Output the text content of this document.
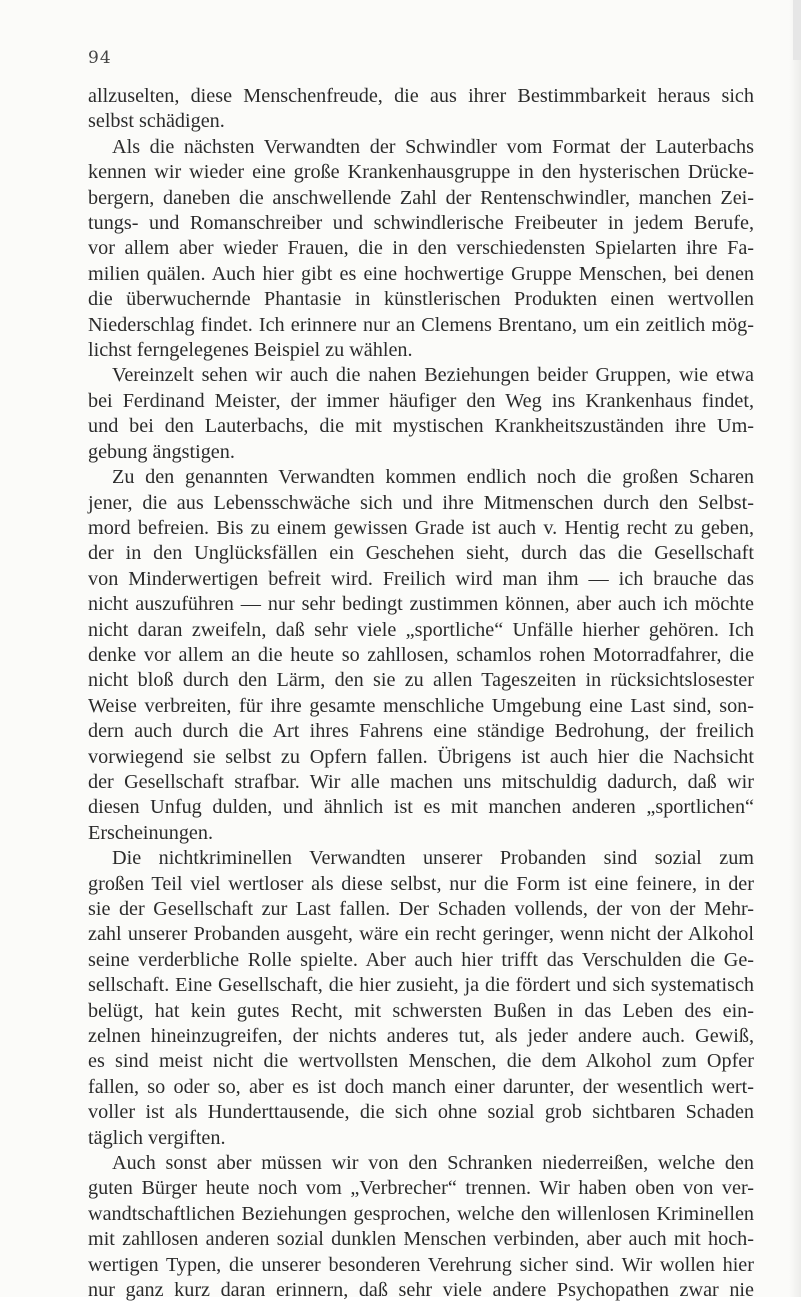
94
allzuselten, diese Menschenfreude, die aus ihrer Bestimmbarkeit heraus sich
selbst schädigen.
Als die nächsten Verwandten der Schwindler vom Format der Lauterbachs
kennen wir wieder eine große Krankenhausgruppe in den hysterischen Drücke-
bergern, daneben die anschwellende Zahl der Rentenschwindler, manchen Zei-
tungs- und Romanschreiber und schwindlerische Freibeuter in jedem Berufe,
vor allem aber wieder Frauen, die in den verschiedensten Spielarten ihre Fa-
milien quälen. Auch hier gibt es eine hochwertige Gruppe Menschen, bei denen
die überwuchernde Phantasie in künstlerischen Produkten einen wertvollen
Niederschlag findet. Ich erinnere nur an Clemens Brentano, um ein zeitlich mög-
lichst ferngelegenes Beispiel zu wählen.
Vereinzelt sehen wir auch die nahen Beziehungen beider Gruppen, wie etwa
bei Ferdinand Meister, der immer häufiger den Weg ins Krankenhaus findet,
und bei den Lauterbachs, die mit mystischen Krankheitszuständen ihre Um-
gebung ängstigen.
Zu den genannten Verwandten kommen endlich noch die großen Scharen
jener, die aus Lebensschwäche sich und ihre Mitmenschen durch den Selbst-
mord befreien. Bis zu einem gewissen Grade ist auch v. Hentig recht zu geben,
der in den Unglücksfällen ein Geschehen sieht, durch das die Gesellschaft
von Minderwertigen befreit wird. Freilich wird man ihm — ich brauche das
nicht auszuführen — nur sehr bedingt zustimmen können, aber auch ich möchte
nicht daran zweifeln, daß sehr viele „sportliche“ Unfälle hierher gehören. Ich
denke vor allem an die heute so zahllosen, schamlos rohen Motorradfahrer, die
nicht bloß durch den Lärm, den sie zu allen Tageszeiten in rücksichtslosester
Weise verbreiten, für ihre gesamte menschliche Umgebung eine Last sind, son-
dern auch durch die Art ihres Fahrens eine ständige Bedrohung, der freilich
vorwiegend sie selbst zu Opfern fallen. Übrigens ist auch hier die Nachsicht
der Gesellschaft strafbar. Wir alle machen uns mitschuldig dadurch, daß wir
diesen Unfug dulden, und ähnlich ist es mit manchen anderen „sportlichen“
Erscheinungen.
Die nichtkriminellen Verwandten unserer Probanden sind sozial zum
großen Teil viel wertloser als diese selbst, nur die Form ist eine feinere, in der
sie der Gesellschaft zur Last fallen. Der Schaden vollends, der von der Mehr-
zahl unserer Probanden ausgeht, wäre ein recht geringer, wenn nicht der Alkohol
seine verderbliche Rolle spielte. Aber auch hier trifft das Verschulden die Ge-
sellschaft. Eine Gesellschaft, die hier zusieht, ja die fördert und sich systematisch
belügt, hat kein gutes Recht, mit schwersten Bußen in das Leben des ein-
zelnen hineinzugreifen, der nichts anderes tut, als jeder andere auch. Gewiß,
es sind meist nicht die wertvollsten Menschen, die dem Alkohol zum Opfer
fallen, so oder so, aber es ist doch manch einer darunter, der wesentlich wert-
voller ist als Hunderttausende, die sich ohne sozial grob sichtbaren Schaden
täglich vergiften.
Auch sonst aber müssen wir von den Schranken niederreißen, welche den
guten Bürger heute noch vom „Verbrecher“ trennen. Wir haben oben von ver-
wandtschaftlichen Beziehungen gesprochen, welche den willenlosen Kriminellen
mit zahllosen anderen sozial dunklen Menschen verbinden, aber auch mit hoch-
wertigen Typen, die unserer besonderen Verehrung sicher sind. Wir wollen hier
nur ganz kurz daran erinnern, daß sehr viele andere Psychopathen zwar nie
